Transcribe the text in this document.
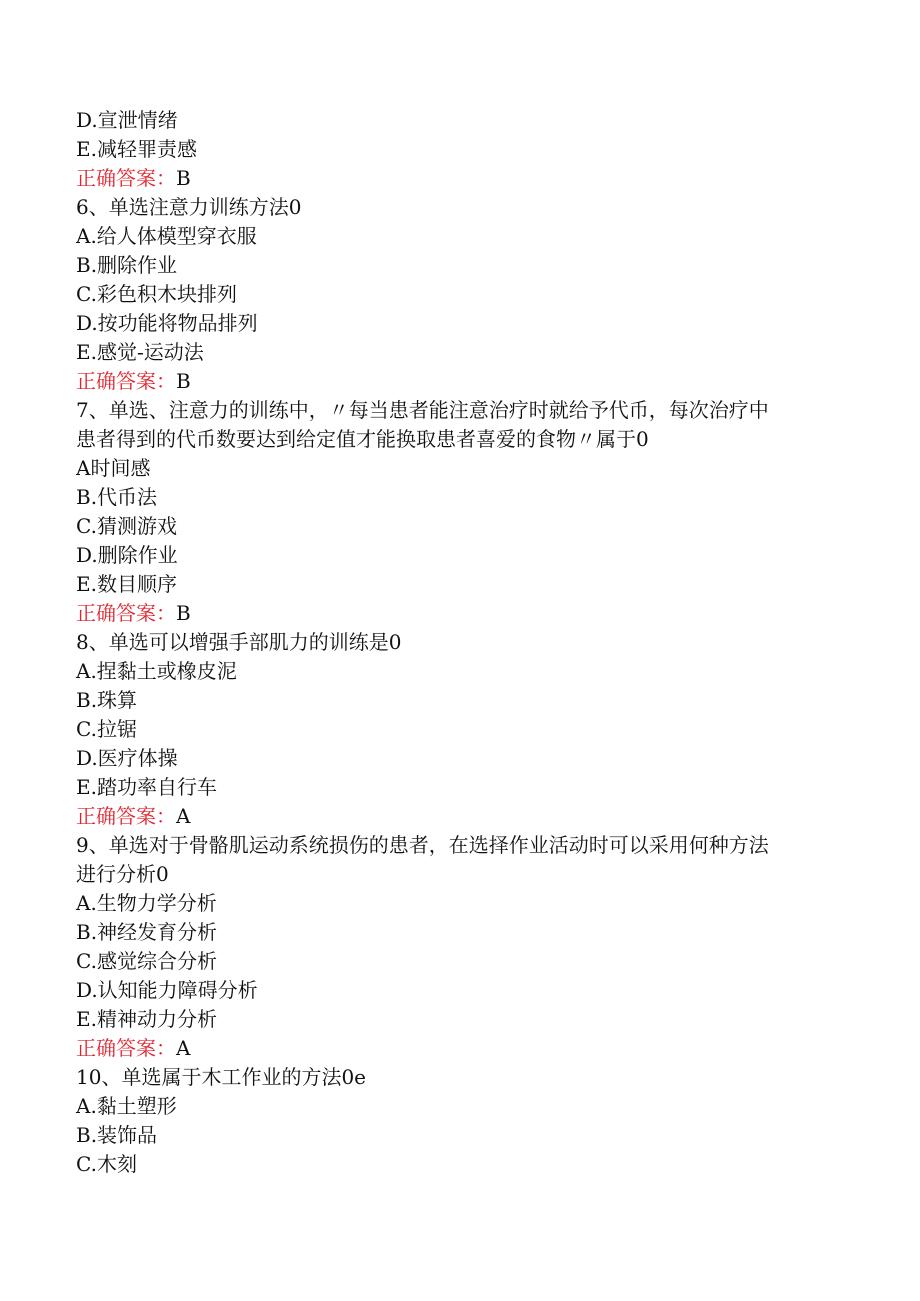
D.宣泄情绪
E.减轻罪责感
正确答案：B
6、单选注意力训练方法0
A.给人体模型穿衣服
B.删除作业
C.彩色积木块排列
D.按功能将物品排列
E.感觉-运动法
正确答案：B
7、单选、注意力的训练中，〃每当患者能注意治疗时就给予代币，每次治疗中
患者得到的代币数要达到给定值才能换取患者喜爱的食物〃属于0
A时间感
B.代币法
C.猜测游戏
D.删除作业
E.数目顺序
正确答案：B
8、单选可以增强手部肌力的训练是0
A.捏黏土或橡皮泥
B.珠算
C.拉锯
D.医疗体操
E.踏功率自行车
正确答案：A
9、单选对于骨骼肌运动系统损伤的患者，在选择作业活动时可以采用何种方法
进行分析0
A.生物力学分析
B.神经发育分析
C.感觉综合分析
D.认知能力障碍分析
E.精神动力分析
正确答案：A
10、单选属于木工作业的方法0e
A.黏土塑形
B.装饰品
C.木刻
